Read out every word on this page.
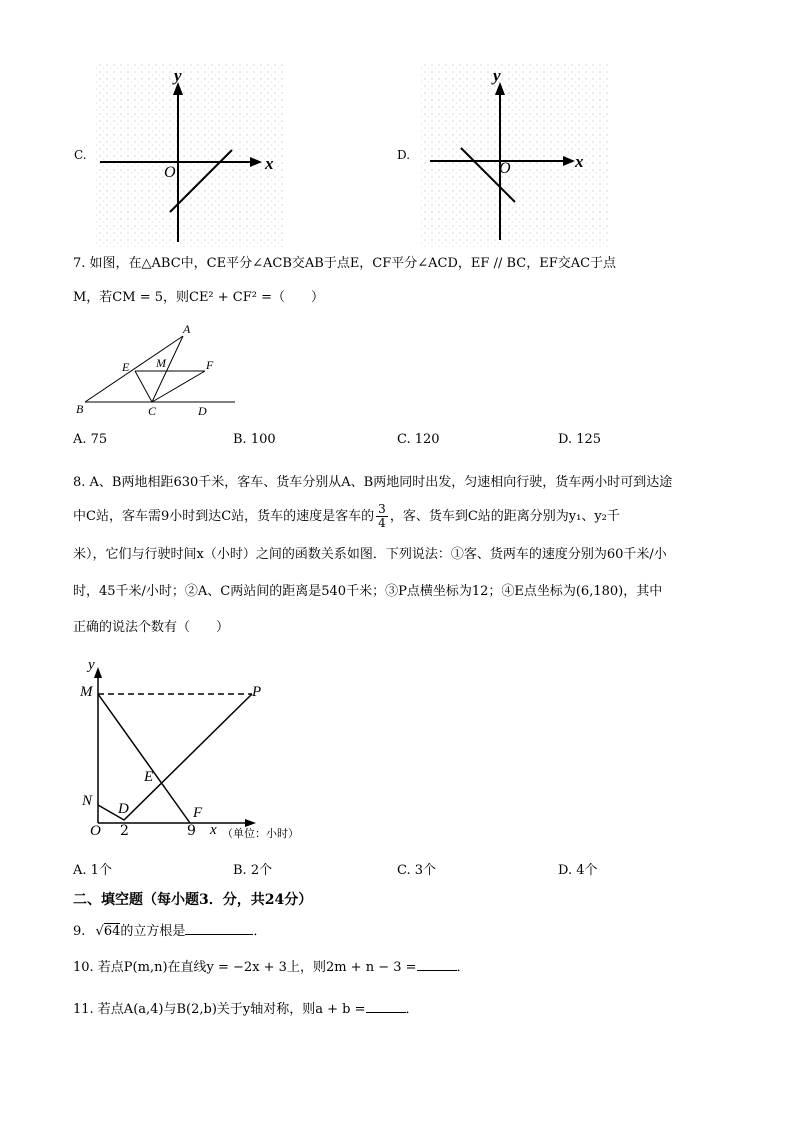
C.	x
y
O
D.	x
y
O
7. 如图，在△ABC中，CE平分∠ACB交AB于点E，CF平分∠ACD，EF // BC，EF交AC于点
M，若CM = 5，则CE² + CF² =（　　）
A
E M	F
B	C	D
A. 75	B. 100	C. 120	D. 125
8. A、B两地相距630千米，客车、货车分别从A、B两地同时出发，匀速相向行驶，货车两小时可到达途
中C站，客车需9小时到达C站，货车的速度是客车的 $\frac{3}{4}$ ，客、货车到C站的距离分别为y₁、y₂千
米），它们与行驶时间x（小时）之间的函数关系如图．下列说法：①客、货两车的速度分别为60千米/小
时，45千米/小时；②A、C两站间的距离是540千米；③P点横坐标为12；④E点坐标为(6,180)，其中
正确的说法个数有（　　）
y
M	P
E
N D	F
O 2	9 x （单位：小时）
A. 1个	B. 2个	C. 3个	D. 4个
二、填空题（每小题3．分，共24分）
9. √64的立方根是	．
10. 若点P(m,n)在直线y = −2x + 3上，则2m + n − 3 =	．
11. 若点A(a,4)与B(2,b)关于y轴对称，则a + b =	．
